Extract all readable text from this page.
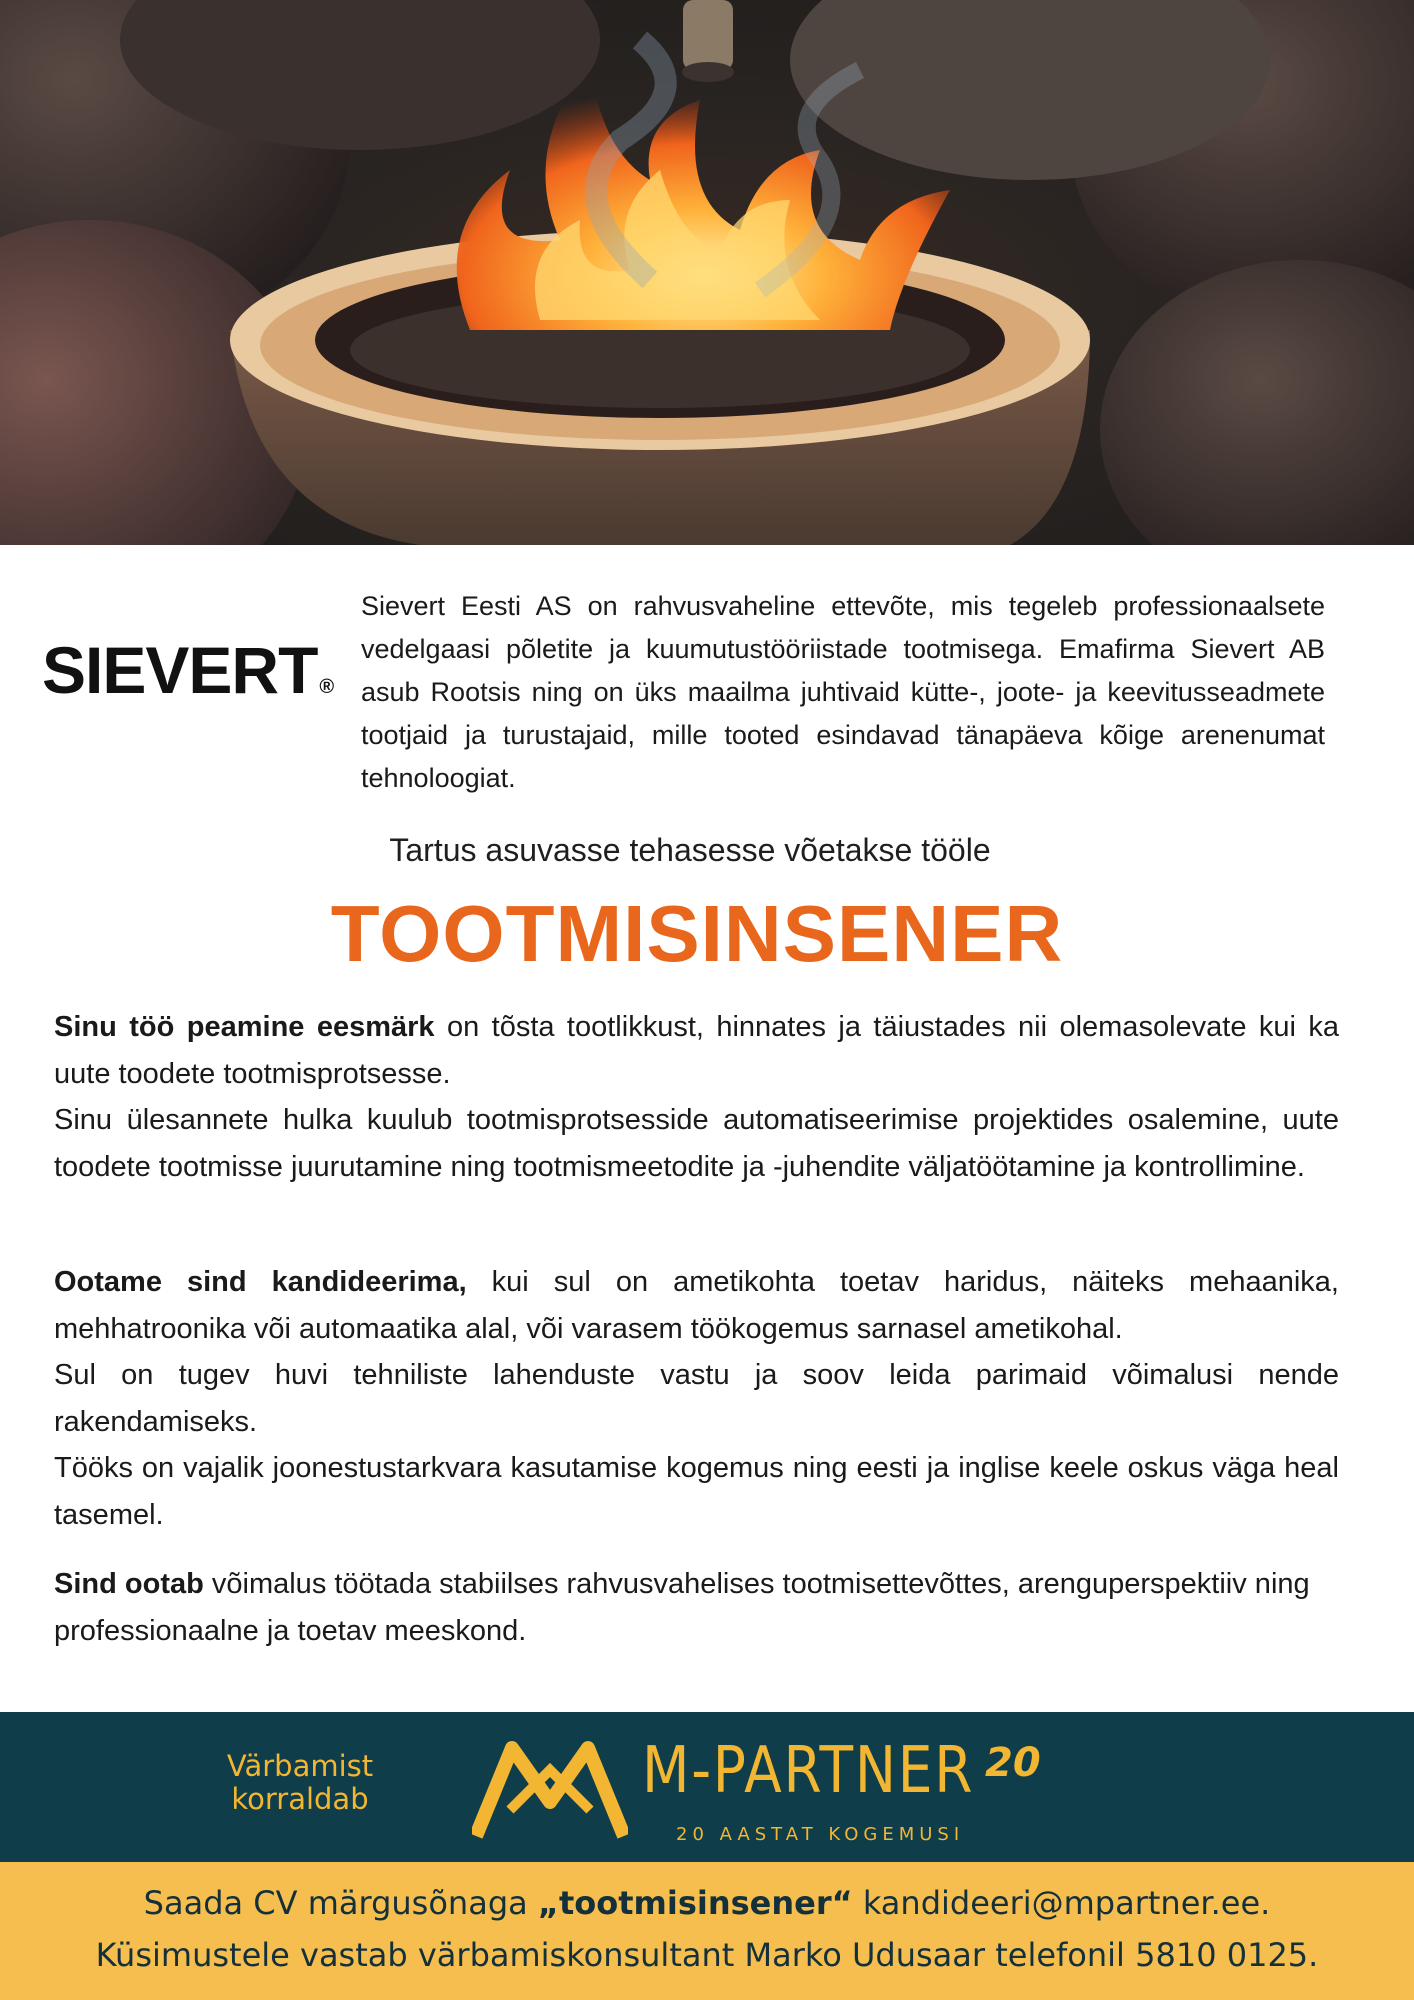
SIEVERT ®
Sievert Eesti AS on rahvusvaheline ettevõte, mis tegeleb professionaalsete vedelgaasi põletite ja kuumutustööriistade tootmisega. Emafirma Sievert AB asub Rootsis ning on üks maailma juhtivaid kütte-, joote- ja keevitusseadmete tootjaid ja turustajaid, mille tooted esindavad tänapäeva kõige arenenumat tehnoloogiat.
Tartus asuvasse tehasesse võetakse tööle
TOOTMISINSENER

Sinu töö peamine eesmärk on tõsta tootlikkust, hinnates ja täiustades nii olemasolevate kui ka uute toodete tootmisprotsesse.

Sinu ülesannete hulka kuulub tootmisprotsesside automatiseerimise projektides osalemine, uute toodete tootmisse juurutamine ning tootmismeetodite ja -juhendite väljatöötamine ja kontrollimine.

Ootame sind kandideerima, kui sul on ametikohta toetav haridus, näiteks mehaanika, mehhatroonika või automaatika alal, või varasem töökogemus sarnasel ametikohal.

Sul on tugev huvi tehniliste lahenduste vastu ja soov leida parimaid võimalusi nende rakendamiseks.

Tööks on vajalik joonestustarkvara kasutamise kogemus ning eesti ja inglise keele oskus väga heal tasemel.

Sind ootab võimalus töötada stabiilses rahvusvahelises tootmisettevõttes, arenguperspektiiv ning professionaalne ja toetav meeskond.

Värbamist
korraldab	M-PARTNER 20
20 AASTAT KOGEMUSI
Saada CV märgusõnaga „tootmisinsener“ kandideeri@mpartner.ee.
Küsimustele vastab värbamiskonsultant Marko Udusaar telefonil 5810 0125.
